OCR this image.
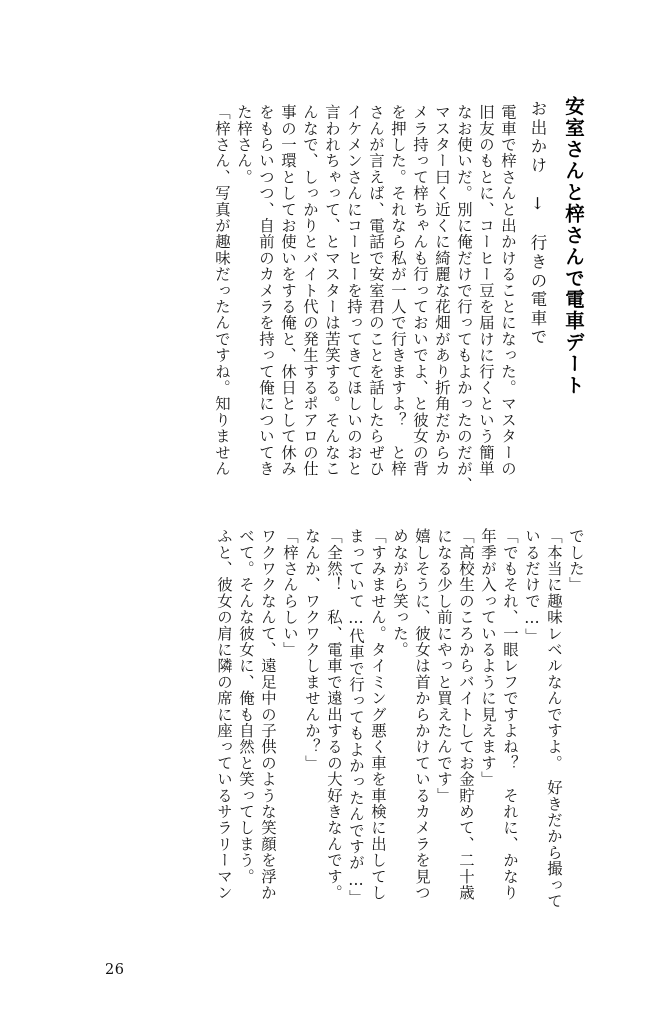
安室さんと梓さんで電車デート
お出かけ　↓　行きの電車で
電車で梓さんと出かけることになった。マスターの
旧友のもとに、コーヒー豆を届けに行くという簡単
なお使いだ。別に俺だけで行ってもよかったのだが、
マスター曰く近くに綺麗な花畑があり折角だからカ
メラ持って梓ちゃんも行っておいでよ、と彼女の背
を押した。それなら私が一人で行きますよ？　と梓
さんが言えば、電話で安室君のことを話したらぜひ
イケメンさんにコーヒーを持ってきてほしいのおと
言われちゃって、とマスターは苦笑する。そんなこ
んなで、しっかりとバイト代の発生するポアロの仕
事の一環としてお使いをする俺と、休日として休み
をもらいつつ、自前のカメラを持って俺についてき
た梓さん。
「梓さん、写真が趣味だったんですね。知りません
でした」
「本当に趣味レベルなんですよ。　好きだから撮って
いるだけで…」
「でもそれ、一眼レフですよね？　それに、かなり
年季が入っているように見えます」
「高校生のころからバイトしてお金貯めて、二十歳
になる少し前にやっと買えたんです」
嬉しそうに、彼女は首からかけているカメラを見つ
めながら笑った。
「すみません。タイミング悪く車を車検に出してし
まっていて…代車で行ってもよかったんですが…」
「全然！　私、電車で遠出するの大好きなんです。
なんか、ワクワクしませんか？」
「梓さんらしい」
ワクワクなんて、遠足中の子供のような笑顔を浮か
べて。そんな彼女に、俺も自然と笑ってしまう。
ふと、彼女の肩に隣の席に座っているサラリーマン
26
